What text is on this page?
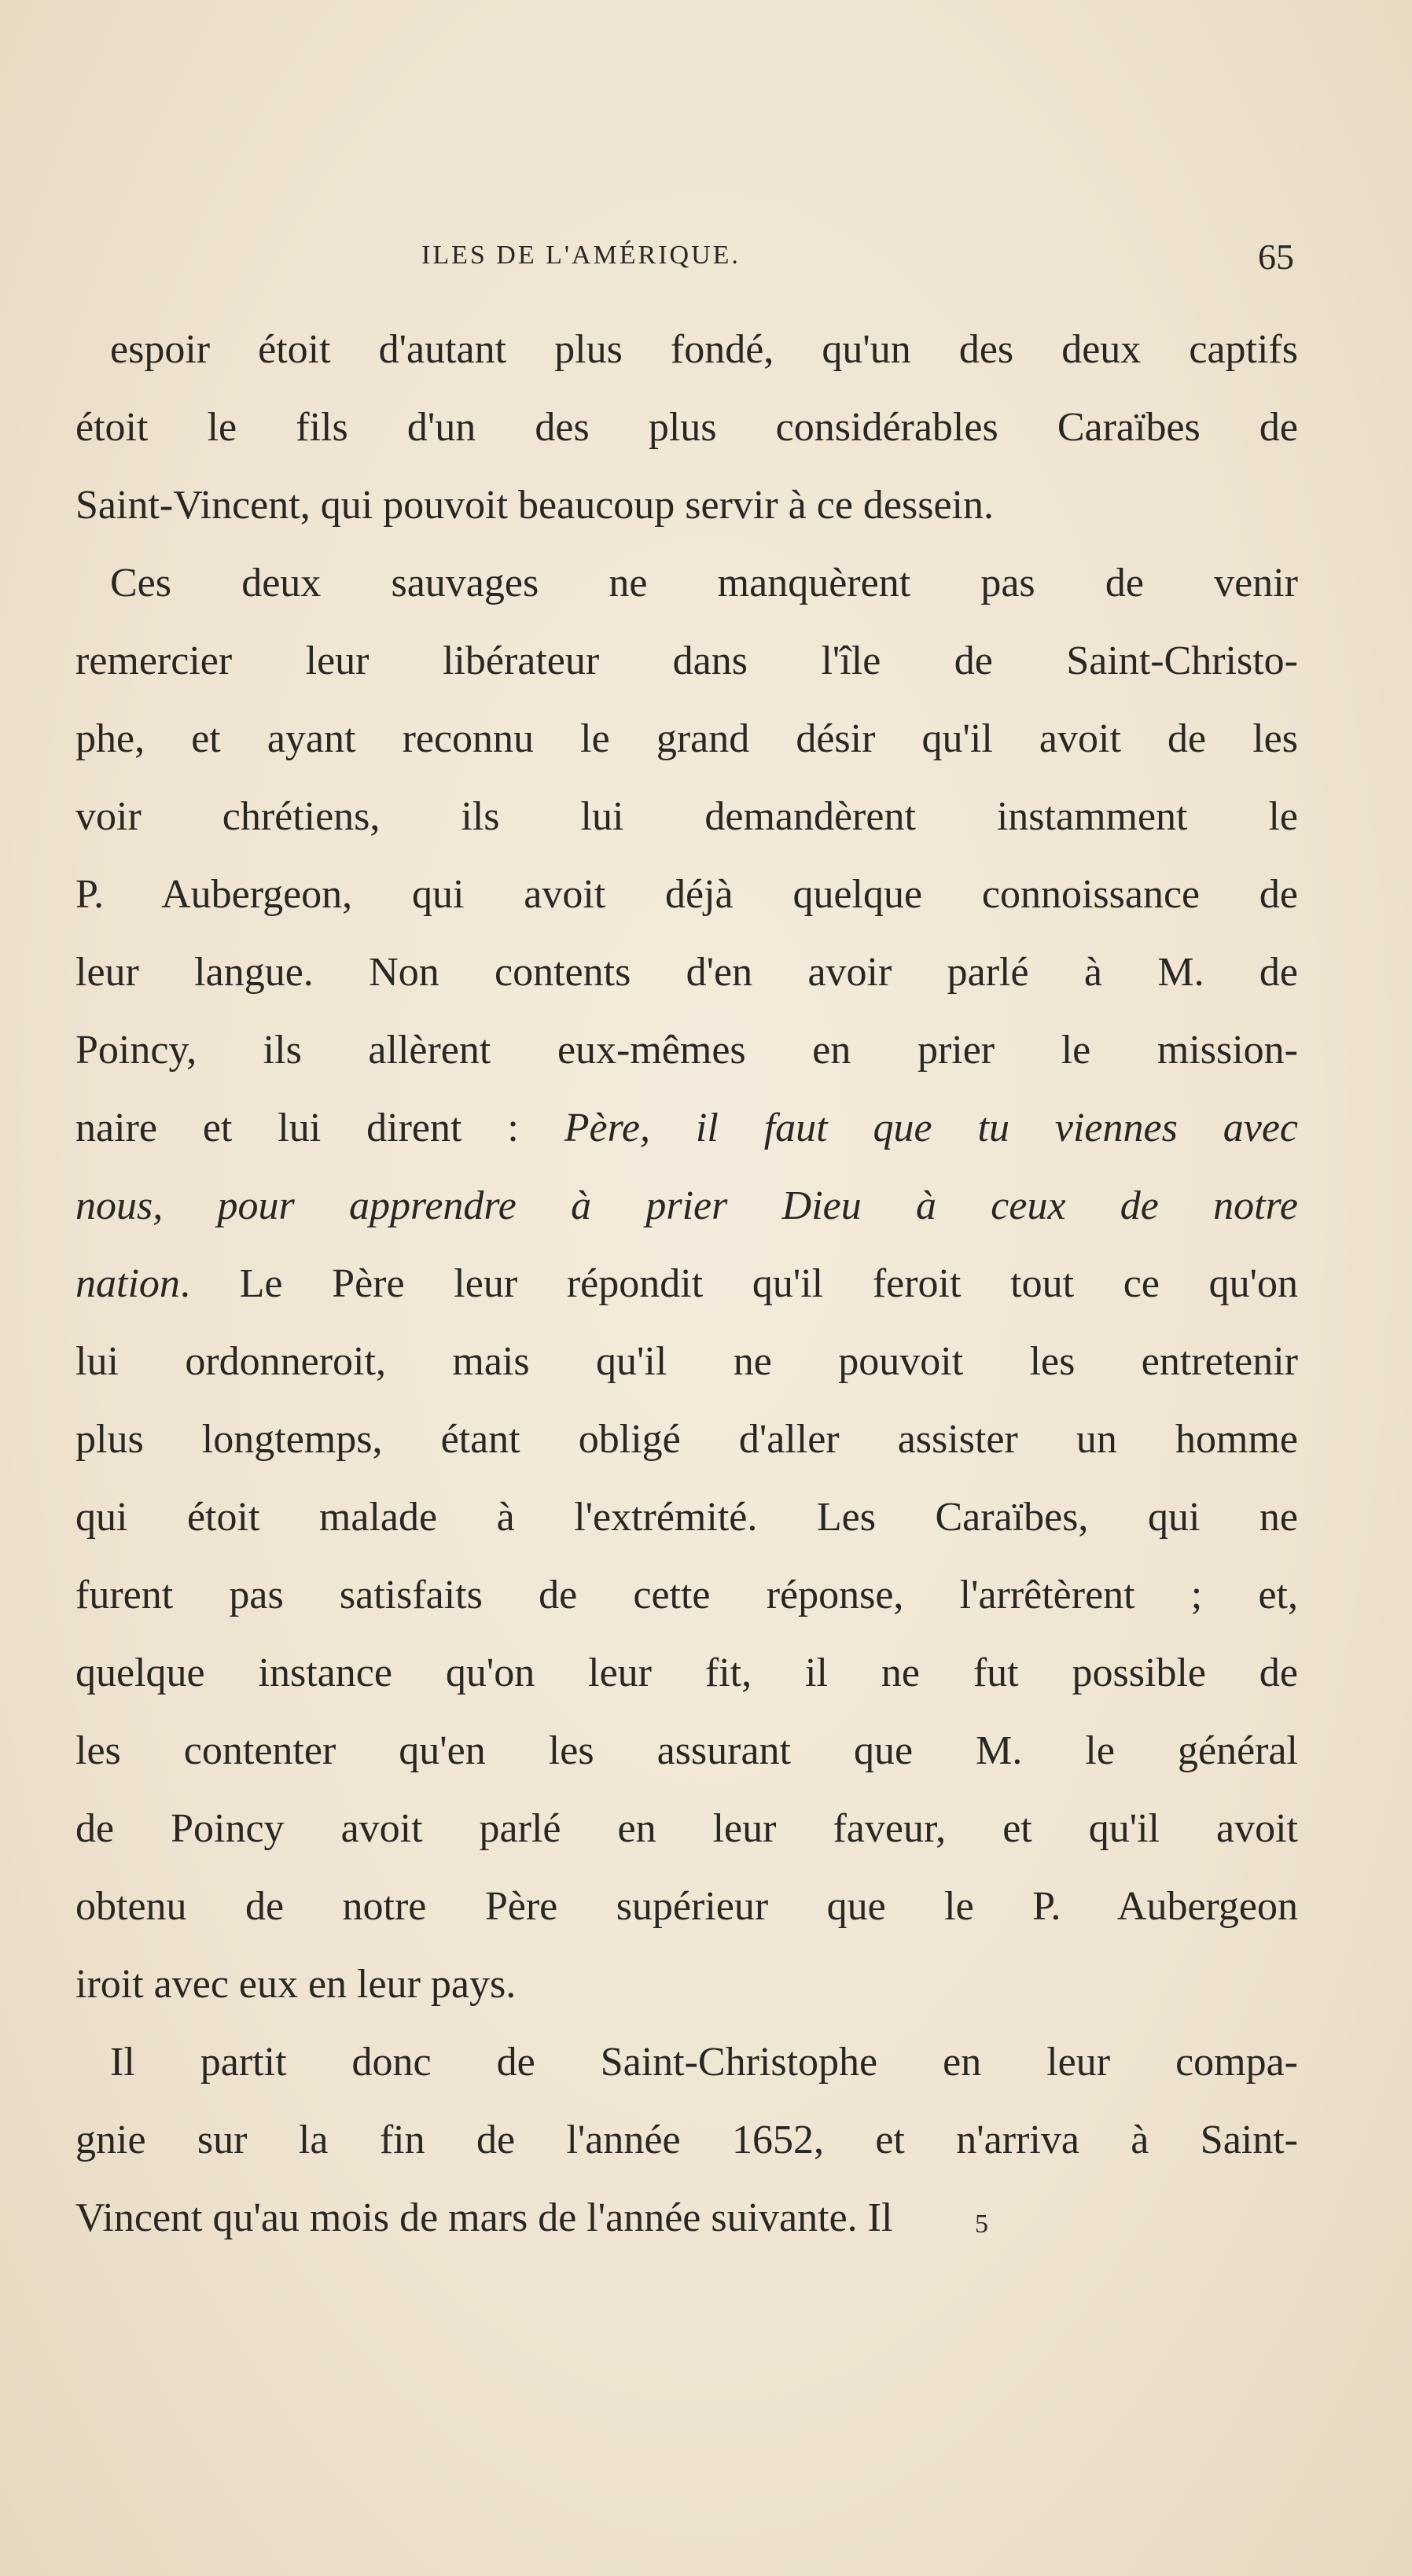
ILES DE L'AMÉRIQUE.	65
espoir étoit d'autant plus fondé, qu'un des deux captifs
étoit le fils d'un des plus considérables Caraïbes de
Saint-Vincent, qui pouvoit beaucoup servir à ce dessein.
Ces deux sauvages ne manquèrent pas de venir
remercier leur libérateur dans l'île de Saint-Christo-
phe, et ayant reconnu le grand désir qu'il avoit de les
voir chrétiens, ils lui demandèrent instamment le
P. Aubergeon, qui avoit déjà quelque connoissance de
leur langue. Non contents d'en avoir parlé à M. de
Poincy, ils allèrent eux-mêmes en prier le mission-
naire et lui dirent : Père, il faut que tu viennes avec
nous, pour apprendre à prier Dieu à ceux de notre
nation. Le Père leur répondit qu'il feroit tout ce qu'on
lui ordonneroit, mais qu'il ne pouvoit les entretenir
plus longtemps, étant obligé d'aller assister un homme
qui étoit malade à l'extrémité. Les Caraïbes, qui ne
furent pas satisfaits de cette réponse, l'arrêtèrent ; et,
quelque instance qu'on leur fit, il ne fut possible de
les contenter qu'en les assurant que M. le général
de Poincy avoit parlé en leur faveur, et qu'il avoit
obtenu de notre Père supérieur que le P. Aubergeon
iroit avec eux en leur pays.
Il partit donc de Saint-Christophe en leur compa-
gnie sur la fin de l'année 1652, et n'arriva à Saint-
Vincent qu'au mois de mars de l'année suivante. Il	5
